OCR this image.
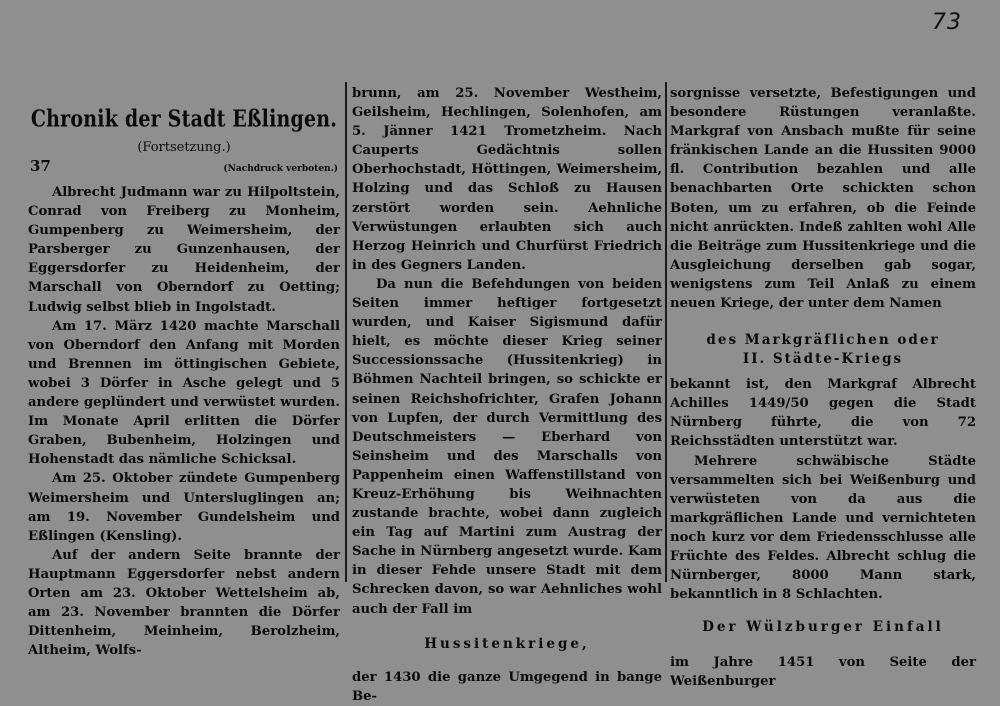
73
Chronik der Stadt Eßlingen.
(Fortsetzung.)
37	(Nachdruck verboten.)

Albrecht Judmann war zu Hilpoltstein, Conrad von Freiberg zu Monheim, Gumpenberg zu Weimersheim, der Parsberger zu Gunzenhausen, der Eggersdorfer zu Heidenheim, der Marschall von Oberndorf zu Oetting; Ludwig selbst blieb in Ingolstadt.

Am 17. März 1420 machte Marschall von Oberndorf den Anfang mit Morden und Brennen im öttingischen Gebiete, wobei 3 Dörfer in Asche gelegt und 5 andere geplündert und verwüstet wurden. Im Monate April erlitten die Dörfer Graben, Bubenheim, Holzingen und Hohenstadt das nämliche Schicksal.

Am 25. Oktober zündete Gumpenberg Weimersheim und Untersluglingen an; am 19. November Gundelsheim und Eßlingen (Kensling).

Auf der andern Seite brannte der Hauptmann Eggersdorfer nebst andern Orten am 23. Oktober Wettelsheim ab, am 23. November brannten die Dörfer Dittenheim, Meinheim, Berolzheim, Altheim, Wolfs-

brunn, am 25. November Westheim, Geilsheim, Hechlingen, Solenhofen, am 5. Jänner 1421 Trometzheim. Nach Cauperts Gedächtnis sollen Oberhochstadt, Höttingen, Weimersheim, Holzing und das Schloß zu Hausen zerstört worden sein. Aehnliche Verwüstungen erlaubten sich auch Herzog Heinrich und Churfürst Friedrich in des Gegners Landen.

Da nun die Befehdungen von beiden Seiten immer heftiger fortgesetzt wurden, und Kaiser Sigismund dafür hielt, es möchte dieser Krieg seiner Successionssache (Hussitenkrieg) in Böhmen Nachteil bringen, so schickte er seinen Reichshofrichter, Grafen Johann von Lupfen, der durch Vermittlung des Deutschmeisters — Eberhard von Seinsheim und des Marschalls von Pappenheim einen Waffenstillstand von Kreuz-Erhöhung bis Weihnachten zustande brachte, wobei dann zugleich ein Tag auf Martini zum Austrag der Sache in Nürnberg angesetzt wurde. Kam in dieser Fehde unsere Stadt mit dem Schrecken davon, so war Aehnliches wohl auch der Fall im

Hussitenkriege,

der 1430 die ganze Umgegend in bange Be-

sorgnisse versetzte, Befestigungen und besondere Rüstungen veranlaßte. Markgraf von Ansbach mußte für seine fränkischen Lande an die Hussiten 9000 fl. Contribution bezahlen und alle benachbarten Orte schickten schon Boten, um zu erfahren, ob die Feinde nicht anrückten. Indeß zahlten wohl Alle die Beiträge zum Hussitenkriege und die Ausgleichung derselben gab sogar, wenigstens zum Teil Anlaß zu einem neuen Kriege, der unter dem Namen

des Markgräflichen oder
II. Städte-Kriegs

bekannt ist, den Markgraf Albrecht Achilles 1449/50 gegen die Stadt Nürnberg führte, die von 72 Reichsstädten unterstützt war.

Mehrere schwäbische Städte versammelten sich bei Weißenburg und verwüsteten von da aus die markgräflichen Lande und vernichteten noch kurz vor dem Friedensschlusse alle Früchte des Feldes. Albrecht schlug die Nürnberger, 8000 Mann stark, bekanntlich in 8 Schlachten.

Der Wülzburger Einfall

im Jahre 1451 von Seite der Weißenburger
